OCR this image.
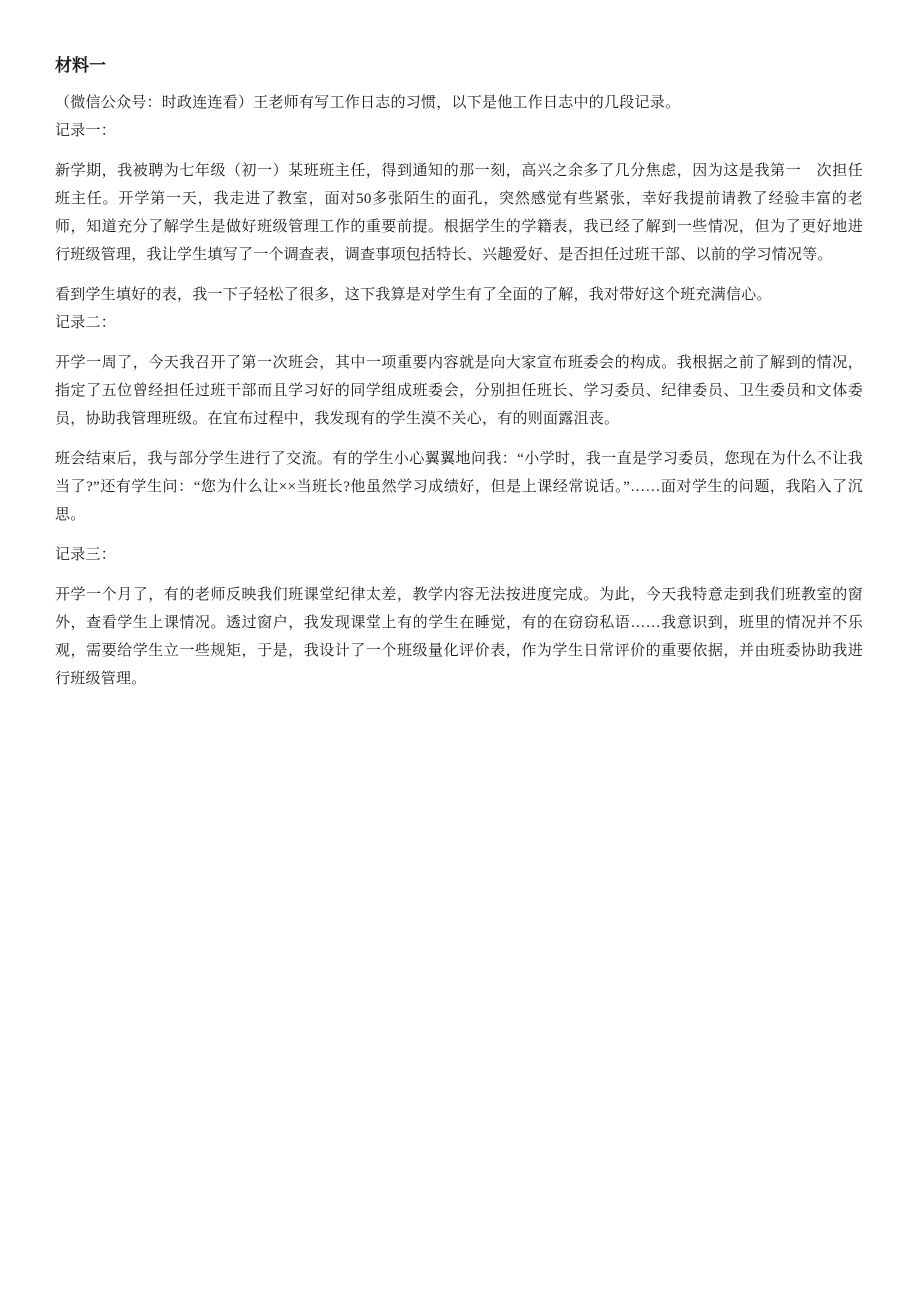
材料一

（微信公众号：时政连连看）王老师有写工作日志的习惯，以下是他工作日志中的几段记录。

记录一：

新学期，我被聘为七年级（初一）某班班主任，得到通知的那一刻，高兴之余多了几分焦虑，因为这是我第一　次担任班主任。开学第一天，我走进了教室，面对50多张陌生的面孔，突然感觉有些紧张，幸好我提前请教了经验丰富的老师，知道充分了解学生是做好班级管理工作的重要前提。根据学生的学籍表，我已经了解到一些情况，但为了更好地进行班级管理，我让学生填写了一个调查表，调查事项包括特长、兴趣爱好、是否担任过班干部、以前的学习情况等。

看到学生填好的表，我一下子轻松了很多，这下我算是对学生有了全面的了解，我对带好这个班充满信心。

记录二：

开学一周了，今天我召开了第一次班会，其中一项重要内容就是向大家宣布班委会的构成。我根据之前了解到的情况，指定了五位曾经担任过班干部而且学习好的同学组成班委会，分别担任班长、学习委员、纪律委员、卫生委员和文体委员，协助我管理班级。在宜布过程中，我发现有的学生漠不关心，有的则面露沮丧。

班会结束后，我与部分学生进行了交流。有的学生小心翼翼地问我：“小学时，我一直是学习委员，您现在为什么不让我当了?”还有学生问：“您为什么让××当班长?他虽然学习成绩好，但是上课经常说话。”……面对学生的问题，我陷入了沉思。

记录三：

开学一个月了，有的老师反映我们班课堂纪律太差，教学内容无法按进度完成。为此，今天我特意走到我们班教室的窗外，查看学生上课情况。透过窗户，我发现课堂上有的学生在睡觉，有的在窃窃私语……我意识到，班里的情况并不乐观，需要给学生立一些规矩，于是，我设计了一个班级量化评价表，作为学生日常评价的重要依据，并由班委协助我进行班级管理。
